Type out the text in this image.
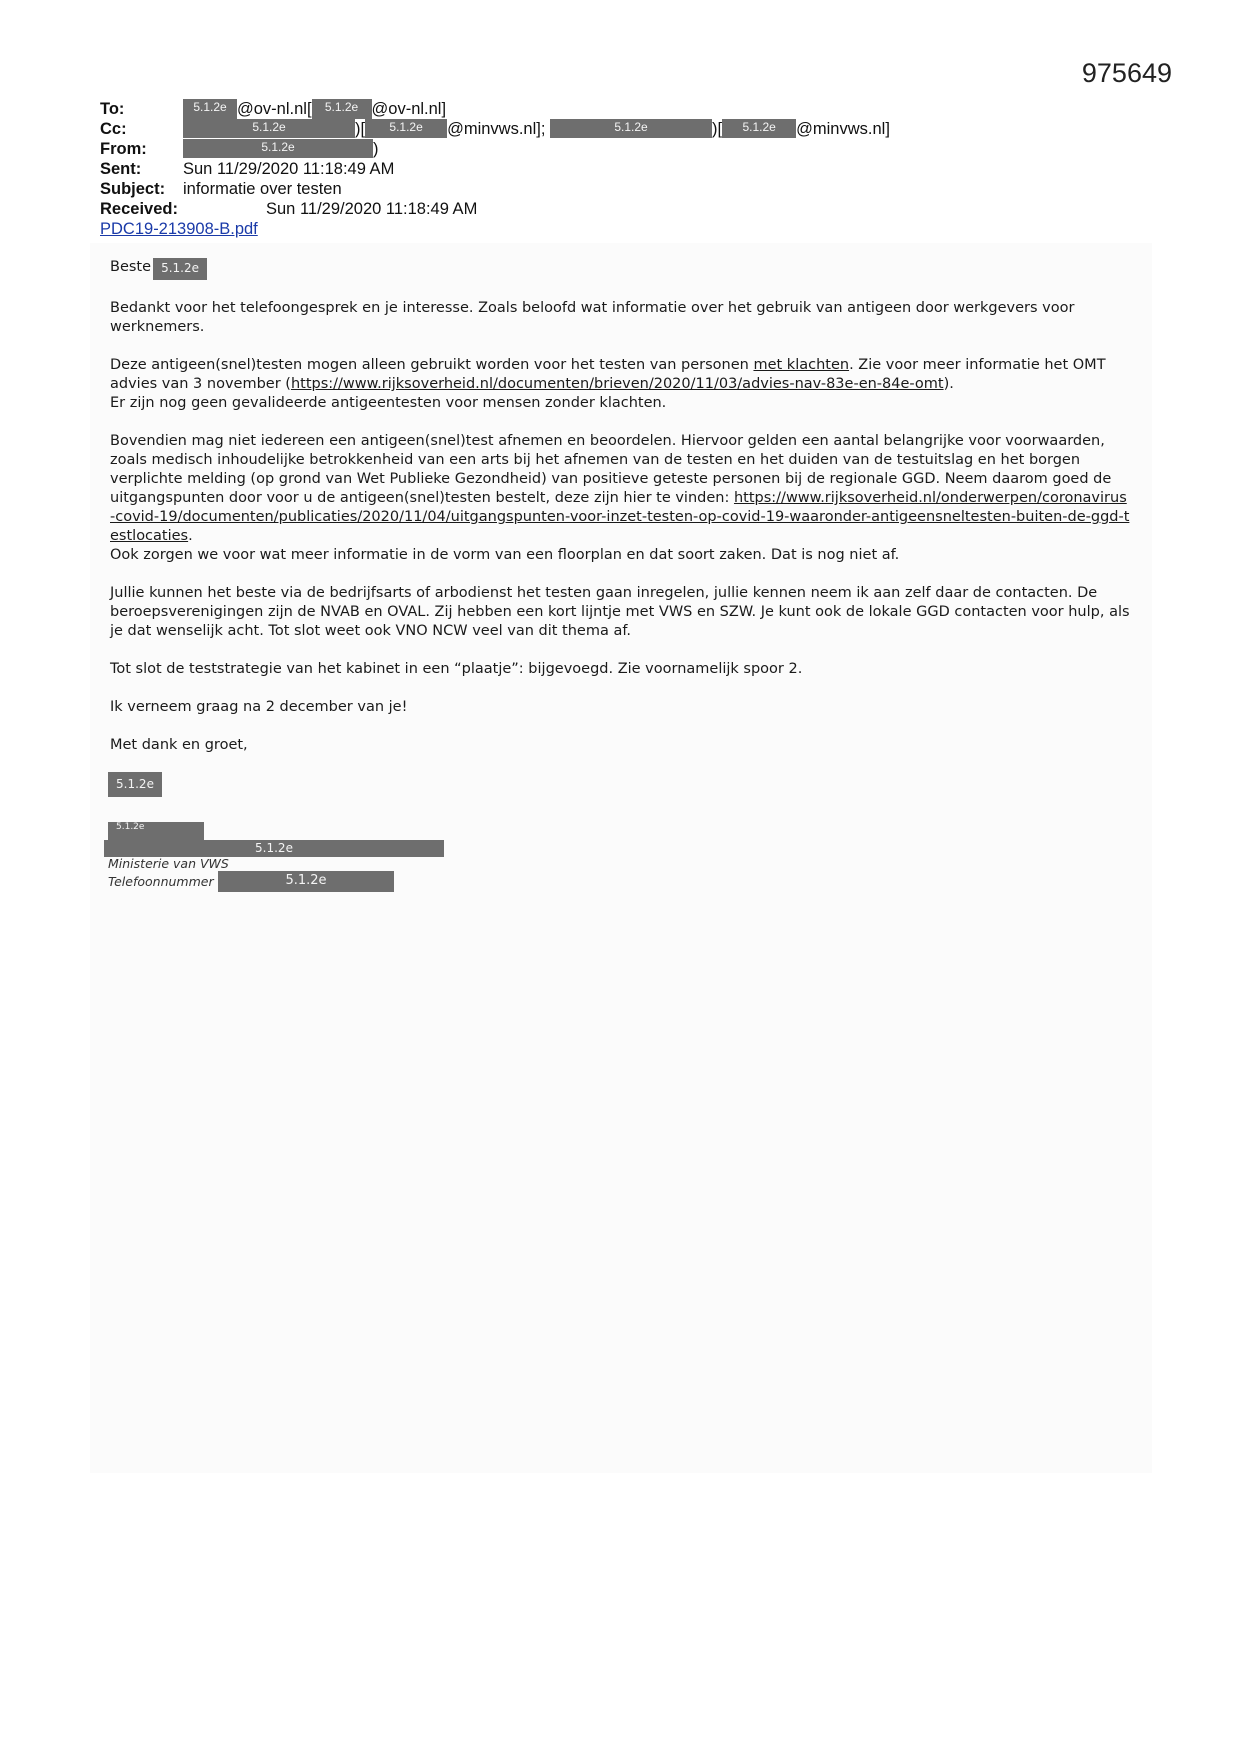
975649
To:	5.1.2e @ov-nl.nl[ 5.1.2e @ov-nl.nl]
Cc:	5.1.2e	)[ 5.1.2e @minvws.nl];	5.1.2e	)[ 5.1.2e @minvws.nl]
From:	5.1.2e	)
Sent:	Sun 11/29/2020 11:18:49 AM
Subject: informatie over testen
Received:	Sun 11/29/2020 11:18:49 AM
PDC19-213908-B.pdf

Beste 5.1.2e

Bedankt voor het telefoongesprek en je interesse. Zoals beloofd wat informatie over het gebruik van antigeen door werkgevers voor werknemers.

Deze antigeen(snel)testen mogen alleen gebruikt worden voor het testen van personen met klachten. Zie voor meer informatie het OMT advies van 3 november (https://www.rijksoverheid.nl/documenten/brieven/2020/11/03/advies-nav-83e-en-84e-omt).
Er zijn nog geen gevalideerde antigeentesten voor mensen zonder klachten.

Bovendien mag niet iedereen een antigeen(snel)test afnemen en beoordelen. Hiervoor gelden een aantal belangrijke voor voorwaarden, zoals medisch inhoudelijke betrokkenheid van een arts bij het afnemen van de testen en het duiden van de testuitslag en het borgen verplichte melding (op grond van Wet Publieke Gezondheid) van positieve geteste personen bij de regionale GGD. Neem daarom goed de uitgangspunten door voor u de antigeen(snel)testen bestelt, deze zijn hier te vinden: https://www.rijksoverheid.nl/onderwerpen/coronavirus-covid-19/documenten/publicaties/2020/11/04/uitgangspunten-voor-inzet-testen-op-covid-19-waaronder-antigeensneltesten-buiten-de-ggd-testlocaties.
Ook zorgen we voor wat meer informatie in de vorm van een floorplan en dat soort zaken. Dat is nog niet af.

Jullie kunnen het beste via de bedrijfsarts of arbodienst het testen gaan inregelen, jullie kennen neem ik aan zelf daar de contacten. De beroepsverenigingen zijn de NVAB en OVAL. Zij hebben een kort lijntje met VWS en SZW. Je kunt ook de lokale GGD contacten voor hulp, als je dat wenselijk acht. Tot slot weet ook VNO NCW veel van dit thema af.

Tot slot de teststrategie van het kabinet in een “plaatje”: bijgevoegd. Zie voornamelijk spoor 2.

Ik verneem graag na 2 december van je!

Met dank en groet,

5.1.2e
5.1.2e
5.1.2e
Ministerie van VWS
Telefoonnummer	5.1.2e
